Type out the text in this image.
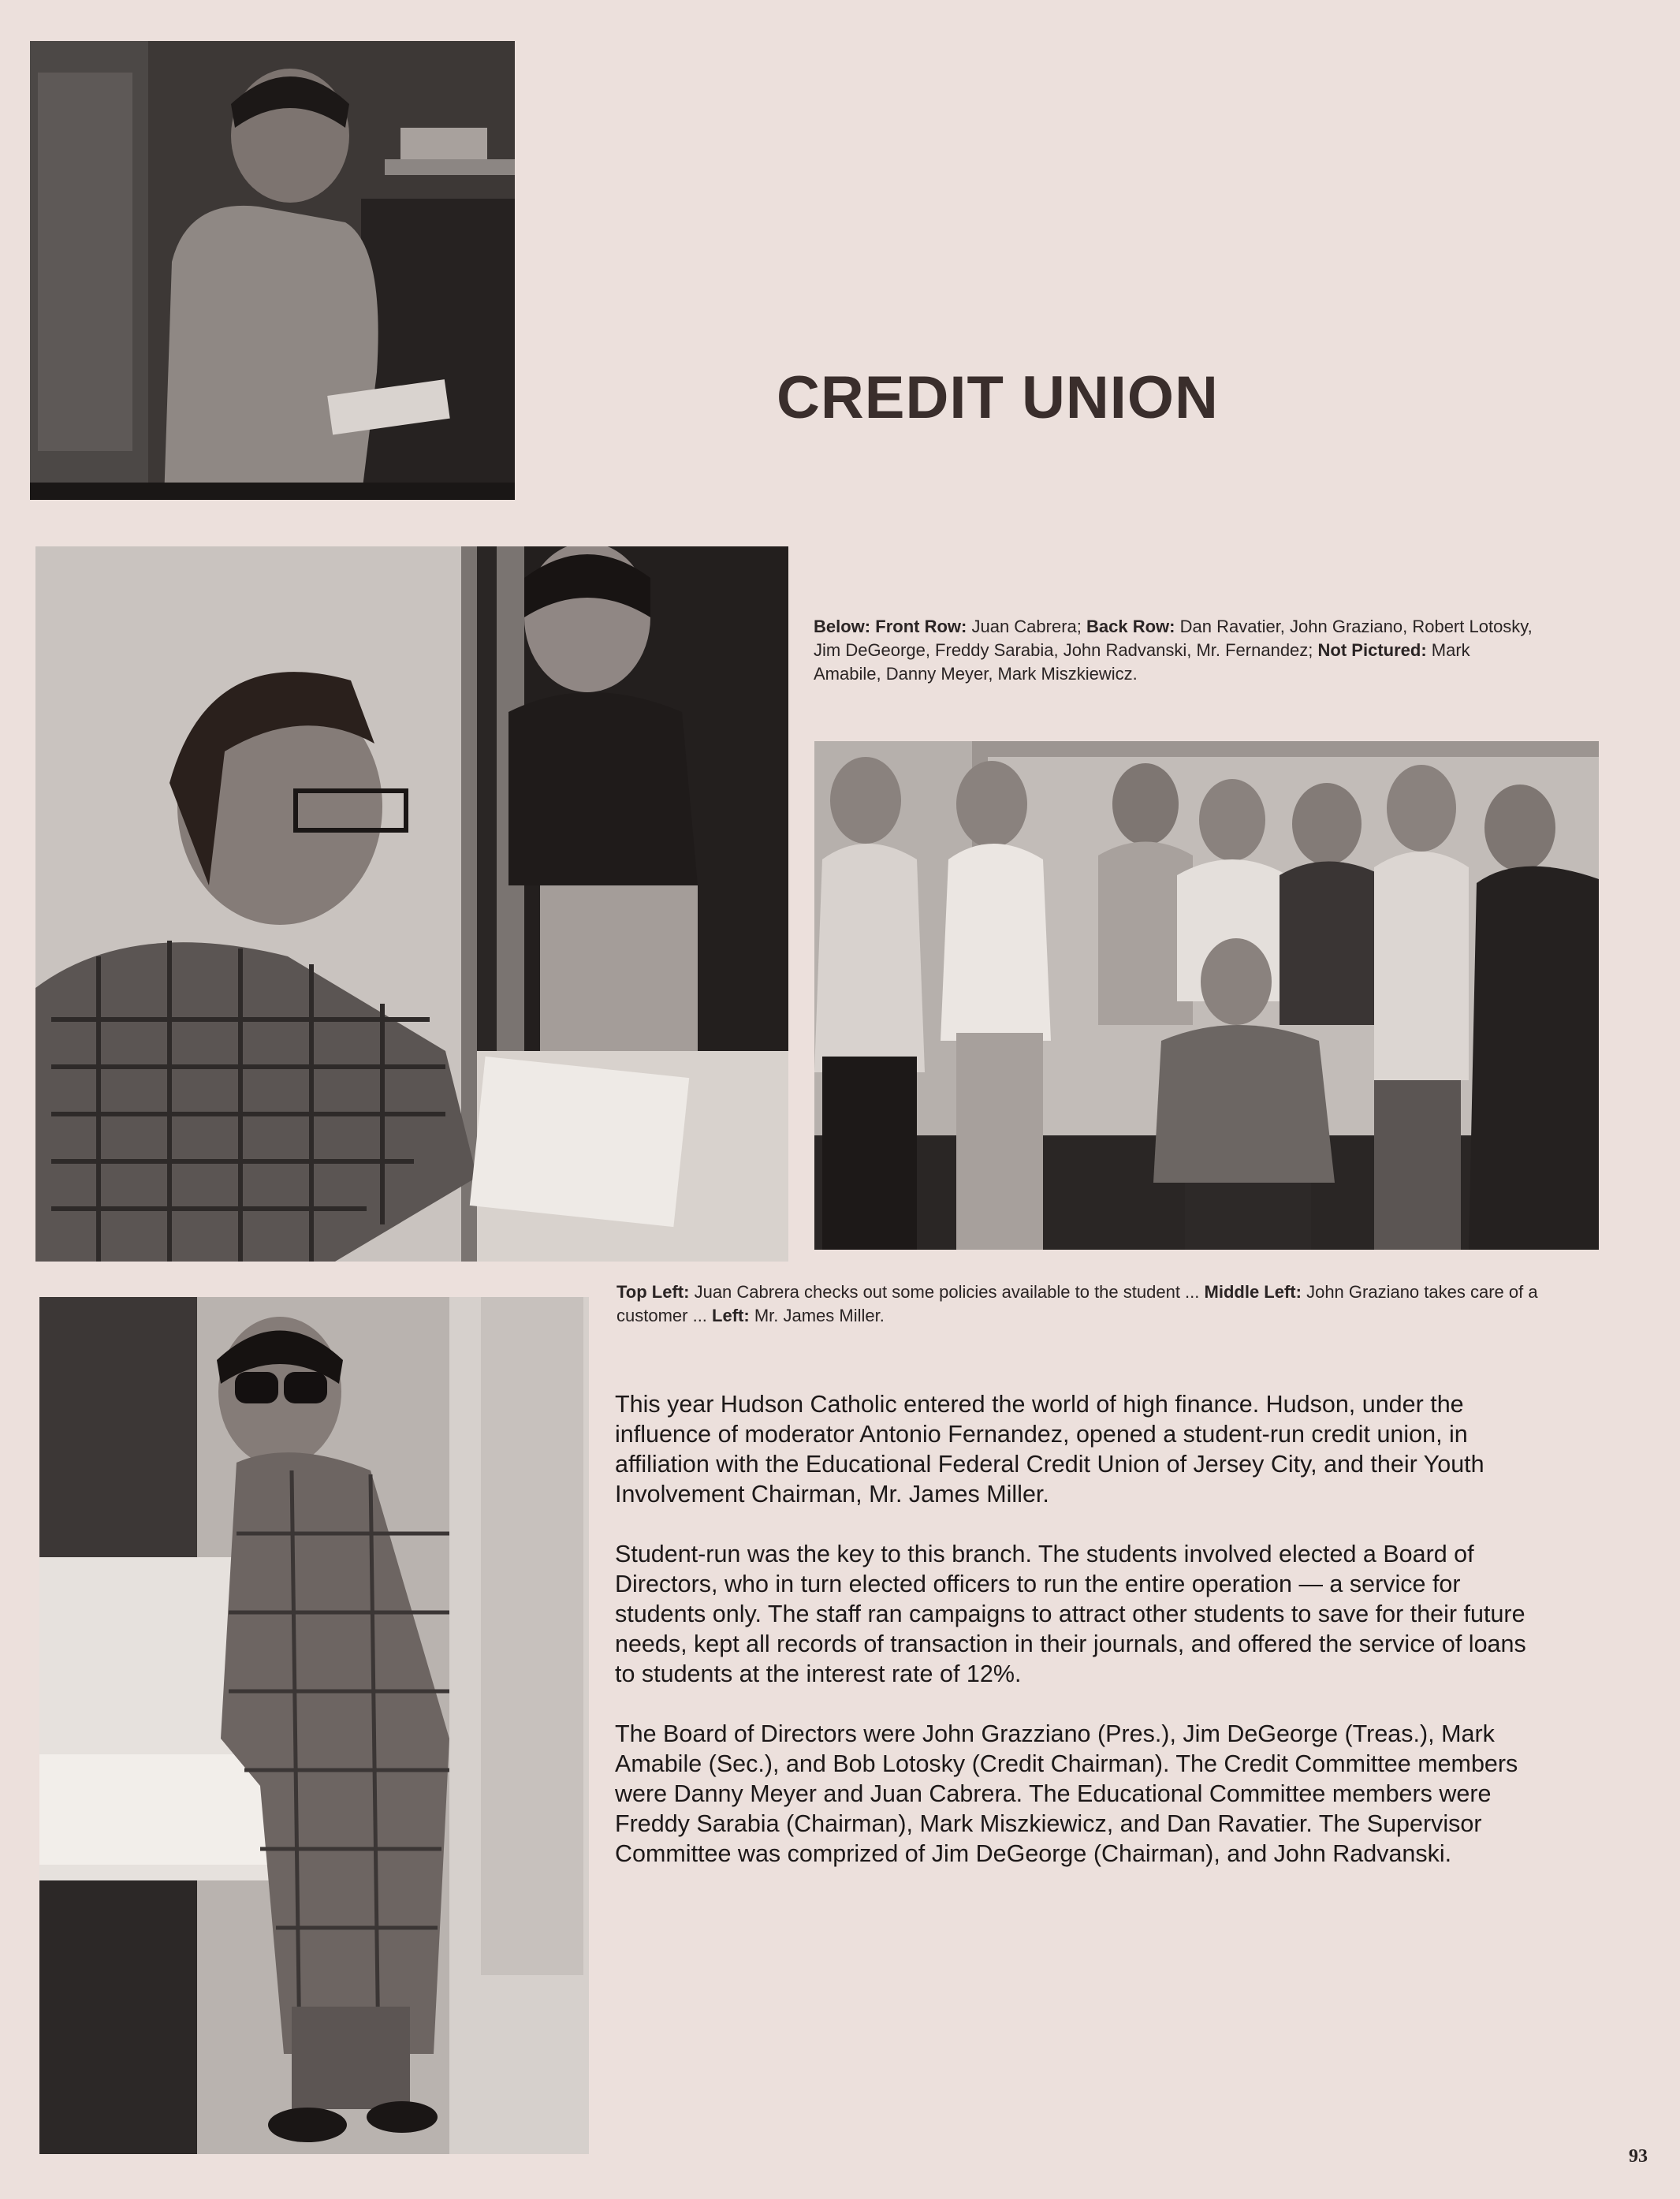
CREDIT UNION
Below: Front Row: Juan Cabrera; Back Row: Dan Ravatier, John Graziano, Robert Lotosky, Jim DeGeorge, Freddy Sarabia, John Radvanski, Mr. Fernandez; Not Pictured: Mark Amabile, Danny Meyer, Mark Miszkiewicz.
Top Left: Juan Cabrera checks out some policies available to the student ... Middle Left: John Graziano takes care of a customer ... Left: Mr. James Miller.

This year Hudson Catholic entered the world of high finance. Hudson, under the influence of moderator Antonio Fernandez, opened a student-run credit union, in affiliation with the Educational Federal Credit Union of Jersey City, and their Youth Involvement Chairman, Mr. James Miller.

Student-run was the key to this branch. The students involved elected a Board of Directors, who in turn elected officers to run the entire operation — a service for students only. The staff ran campaigns to attract other students to save for their future needs, kept all records of transaction in their journals, and offered the service of loans to students at the interest rate of 12%.

The Board of Directors were John Grazziano (Pres.), Jim DeGeorge (Treas.), Mark Amabile (Sec.), and Bob Lotosky (Credit Chairman). The Credit Committee members were Danny Meyer and Juan Cabrera. The Educational Committee members were Freddy Sarabia (Chairman), Mark Miszkiewicz, and Dan Ravatier. The Supervisor Committee was comprized of Jim DeGeorge (Chairman), and John Radvanski.

93
